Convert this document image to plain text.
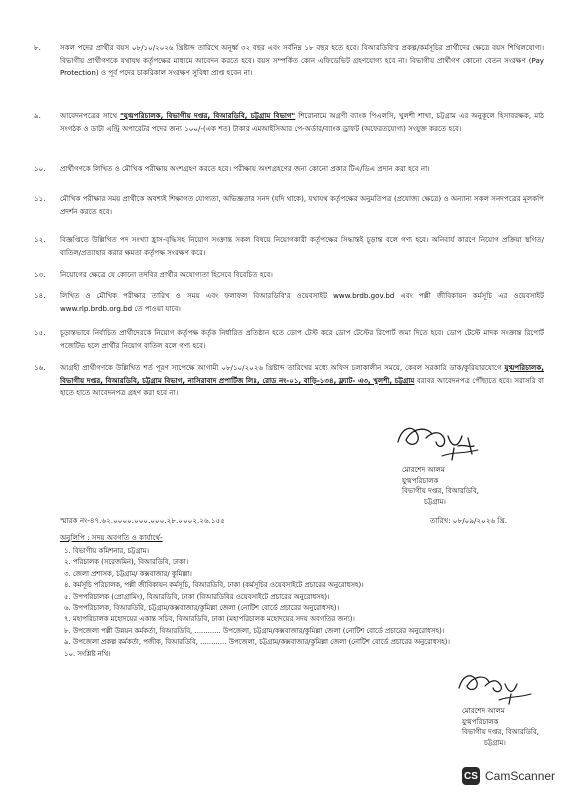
৮.	সকল পদের প্রার্থীর বয়স ০৮/১০/২০২৬ খ্রিষ্টাব্দ তারিখে অনূর্ধ্ব ৩২ বছর এবং সর্বনিম্ন ১৮ বছর হতে হবে। বিআরডিবি'র প্রকল্প/কর্মসূচির প্রার্থীদের ক্ষেত্রে বয়স শিথিলযোগ্য। বিভাগীয় প্রার্থীগণকে যথাযথ কর্তৃপক্ষের মাধ্যমে আবেদন করতে হবে। বয়স সম্পর্কিত কোন এফিডেভিট গ্রহণযোগ্য হবে না। বিভাগীয় প্রার্থীগণ কোনো বেতন সংরক্ষণ (Pay Protection) ও পূর্ব পদের চাকরিকাল সংরক্ষণ সুবিধা প্রাপ্ত হবেন না।
৯.	আবেদনপত্রের সাথে "যুগ্মপরিচালক, বিভাগীয় দপ্তর, বিআরডিবি, চট্টগ্রাম বিভাগ" শিরোনামে অগ্রণী ব্যাংক পিএলসি, খুলশী শাখা, চট্টগ্রাম এর অনুকূলে হিসাবরক্ষক, মাঠ সংগঠক ও ডাটা এন্ট্রি অপারেটর পদের জন্য ১০০/-(এক শত) টাকার এমআইসিআর পে-অর্ডার/ব্যাংক ড্রাফট (অফেরতযোগ্য) সংযুক্ত করতে হবে।
১০.	প্রার্থীগণকে লিখিত ও মৌখিক পরীক্ষায় অংশগ্রহণ করতে হবে। পরীক্ষায় অংশগ্রহণের জন্য কোনো প্রকার টিএ/ডিএ প্রদান করা হবে না।
১১.	মৌখিক পরীক্ষার সময় প্রার্থীকে অবশ্যই শিক্ষাগত যোগ্যতা, অভিজ্ঞতার সনদ (যদি থাকে), যথাযথ কর্তৃপক্ষের অনুমতিপত্র (প্রযোজ্য ক্ষেত্রে) ও অন্যান্য সকল সনদপত্রের মূলকপি প্রদর্শন করতে হবে।
১২.	বিজ্ঞপ্তিতে উল্লিখিত পদ সংখ্যা হ্রাস-বৃদ্ধিসহ নিয়োগ সংক্রান্ত সকল বিষয়ে নিয়োগকারী কর্তৃপক্ষের সিদ্ধান্তই চূড়ান্ত বলে গণ্য হবে। অনিবার্য কারণে নিয়োগ প্রক্রিয়া স্থগিত/বাতিল/প্রত্যাহার করার ক্ষমতা কর্তৃপক্ষ সংরক্ষণ করে।
১৩.	নিয়োগের ক্ষেত্রে যে কোনো তদবির প্রার্থীর অযোগ্যতা হিসেবে বিবেচিত হবে।
১৪.	লিখিত ও মৌখিক পরীক্ষার তারিখ ও সময় এবং ফলাফল বিআরডিবি'র ওয়েবসাইট www.brdb.gov.bd এবং পল্লী জীবিকায়ন কর্মসূচি এর ওয়েবসাইট www.rlp.brdb.org.bd তে পাওয়া যাবে।
১৫.	চূড়ান্তভাবে নির্বাচিত প্রার্থীদেরকে নিয়োগ কর্তৃপক্ষ কর্তৃক নির্ধারিত প্রতিষ্ঠান হতে ডোপ টেস্ট করে ডোপ টেস্টের রিপোর্ট জমা দিতে হবে। ডোপ টেস্টে মাদক সংক্রান্ত রিপোর্ট পজেটিভ হলে প্রার্থীর নিয়োগ বাতিল বলে গণ্য হবে।
১৬.	আগ্রহী প্রার্থীগণকে উল্লিখিত শর্ত পূরণ সাপেক্ষে আগামী ০৮/১০/২০২৬ খ্রিষ্টাব্দ তারিখের মধ্যে অফিস চলাকালীন সময়ে, কেবল সরকারি ডাক/কুরিয়ারযোগে যুগ্মপরিচালক, বিভাগীয় দপ্তর, বিআরডিবি, চট্টগ্রাম বিভাগ, নাসিরাবাদ প্রপার্টিজ লিঃ, রোড নং-০১, বাড়ি-১৩৪, ফ্ল্যাট- এ৩, খুলশী, চট্টগ্রাম বরাবর আবেদনপত্র পৌঁছাতে হবে। সরাসরি বা হাতে হাতে আবেদনপত্র গ্রহণ করা হবে না।
মোরশেদ আলম
যুগ্মপরিচালক
বিভাগীয় দপ্তর, বিআরডিবি,
চট্টগ্রাম।
স্মারক নং-৪৭.৬২.০০০০.০০০.০০০.২৮.০০০২.২৬.১৫৫	তারিখ: ০৮/০৯/২০২৬ খ্রি.
অনুলিপি : সদয় অবগতি ও কার্যার্থে-
১. বিভাগীয় কমিশনার, চট্টগ্রাম।
২. পরিচালক (সরেজমিন), বিআরডিবি, ঢাকা।
৩. জেলা প্রশাসক, চট্টগ্রাম/ কক্সবাজার/ কুমিল্লা।
৪. কর্মসূচি পরিচালক, পল্লী জীবিকায়ন কর্মসূচি, বিআরডিবি, ঢাকা (কর্মসূচির ওয়েবসাইটে প্রচারের অনুরোধসহ)।
৫. উপপরিচালক (প্রোগ্রামিং), বিআরডিবি, ঢাকা (বিআরডিবির ওয়েবসাইটে প্রচারের অনুরোধসহ)।
৬. উপপরিচালক, বিআরডিবি, চট্টগ্রাম/কক্সবাজার/কুমিল্লা জেলা (নোটিশ বোর্ডে প্রচারের অনুরোধসহ)।
৭. মহাপরিচালক মহোদয়ের একান্ত সচিব, বিআরডিবি, ঢাকা (মহাপরিচালক মহোদয়ের সদয় অবগতির জন্য)।
৮. উপজেলা পল্লী উন্নয়ন কর্মকর্তা, বিআরডিবি, ............ উপজেলা, চট্টগ্রাম/কক্সবাজার/কুমিল্লা জেলা (নোটিশ বোর্ডে প্রচারের অনুরোধসহ)।
৯. উপজেলা প্রকল্প কর্মকর্তা, পজীক, বিআরডিবি, ............ উপজেলা, চট্টগ্রাম/কক্সবাজার/কুমিল্লা জেলা (নোটিশ বোর্ডে প্রচারের অনুরোধসহ)।
১০. সংশ্লিষ্ট নথি।
মোরশেদ আলম
যুগ্মপরিচালক
বিভাগীয় দপ্তর, বিআরডিবি,
চট্টগ্রাম।
CS CamScanner
